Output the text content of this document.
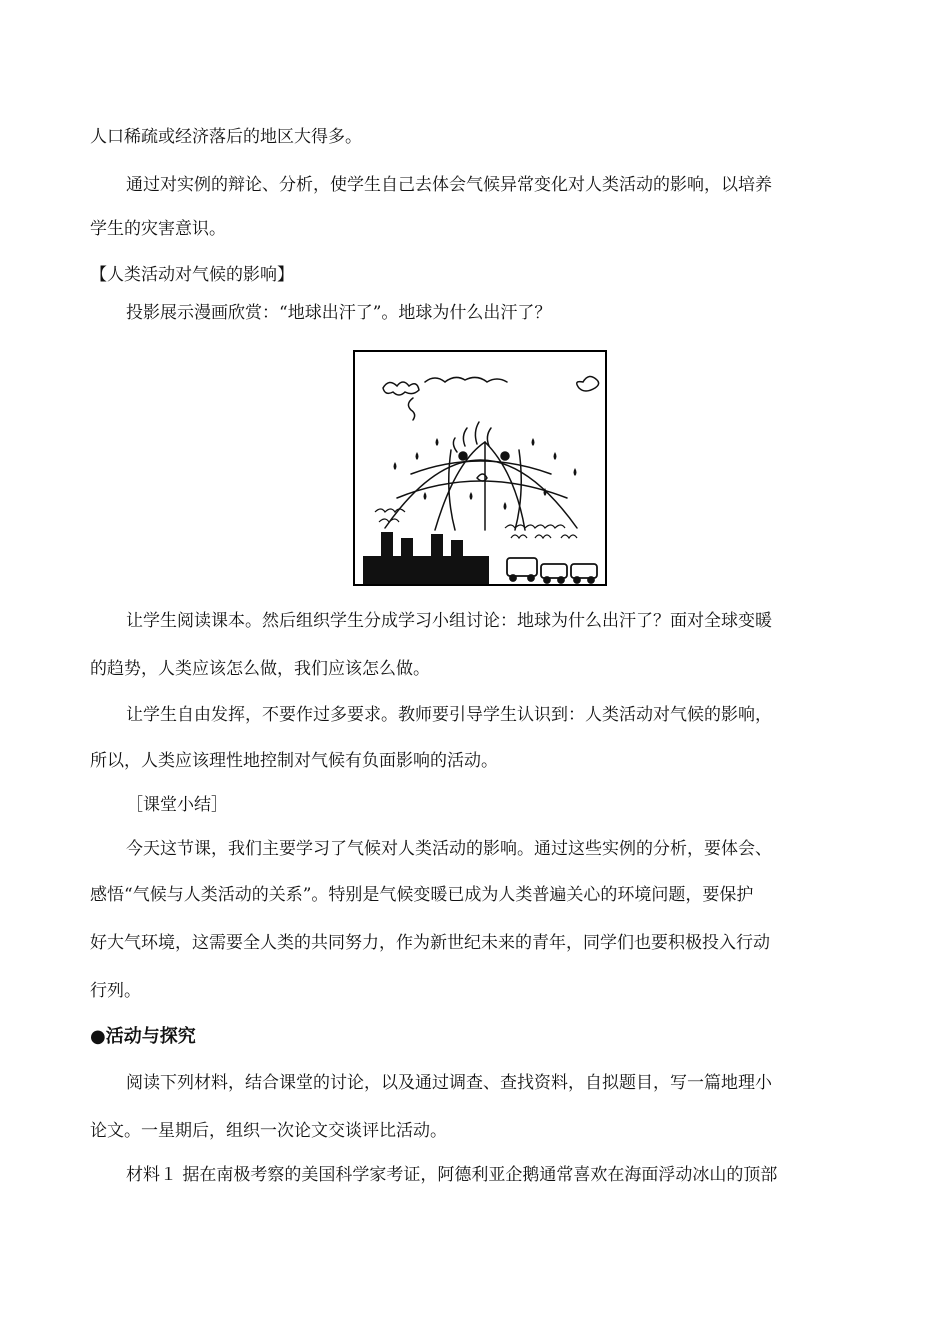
人口稀疏或经济落后的地区大得多。
通过对实例的辩论、分析，使学生自己去体会气候异常变化对人类活动的影响，以培养
学生的灾害意识。
【人类活动对气候的影响】
投影展示漫画欣赏：“地球出汗了”。地球为什么出汗了？
让学生阅读课本。然后组织学生分成学习小组讨论：地球为什么出汗了？面对全球变暖
的趋势，人类应该怎么做，我们应该怎么做。
让学生自由发挥，不要作过多要求。教师要引导学生认识到：人类活动对气候的影响，
所以，人类应该理性地控制对气候有负面影响的活动。
［课堂小结］
今天这节课，我们主要学习了气候对人类活动的影响。通过这些实例的分析，要体会、
感悟“气候与人类活动的关系”。特别是气候变暖已成为人类普遍关心的环境问题，要保护
好大气环境，这需要全人类的共同努力，作为新世纪未来的青年，同学们也要积极投入行动
行列。
●活动与探究
阅读下列材料，结合课堂的讨论，以及通过调查、查找资料，自拟题目，写一篇地理小
论文。一星期后，组织一次论文交谈评比活动。
材料１ 据在南极考察的美国科学家考证，阿德利亚企鹅通常喜欢在海面浮动冰山的顶部
